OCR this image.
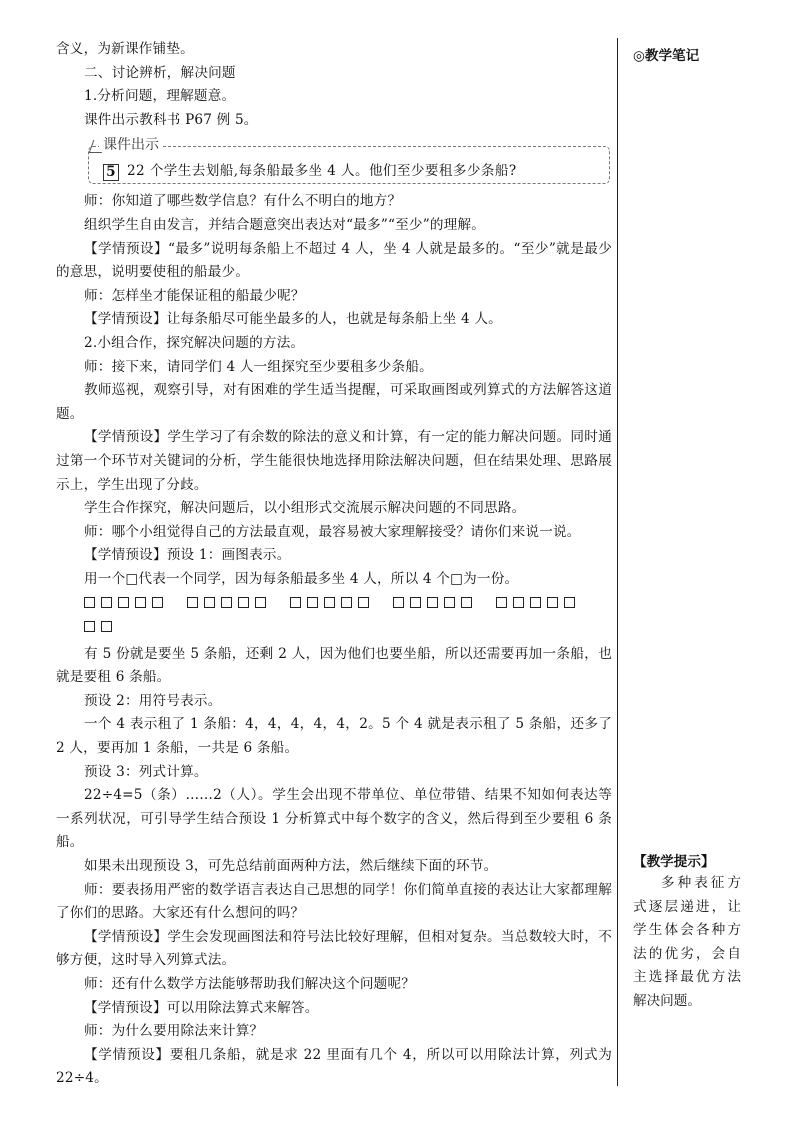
含义，为新课作铺垫。

二、讨论辨析，解决问题

1.分析问题，理解题意。

课件出示教科书 P67 例 5。

课件出示
5 22 个学生去划船,每条船最多坐 4 人。他们至少要租多少条船?

师：你知道了哪些数学信息？有什么不明白的地方？

组织学生自由发言，并结合题意突出表达对“最多”“至少”的理解。

【学情预设】“最多”说明每条船上不超过 4 人，坐 4 人就是最多的。“至少”就是最少的意思，说明要使租的船最少。

师：怎样坐才能保证租的船最少呢？

【学情预设】让每条船尽可能坐最多的人，也就是每条船上坐 4 人。

2.小组合作，探究解决问题的方法。

师：接下来，请同学们 4 人一组探究至少要租多少条船。

教师巡视，观察引导，对有困难的学生适当提醒，可采取画图或列算式的方法解答这道题。

【学情预设】学生学习了有余数的除法的意义和计算，有一定的能力解决问题。同时通过第一个环节对关键词的分析，学生能很快地选择用除法解决问题，但在结果处理、思路展示上，学生出现了分歧。

学生合作探究，解决问题后，以小组形式交流展示解决问题的不同思路。

师：哪个小组觉得自己的方法最直观，最容易被大家理解接受？请你们来说一说。

【学情预设】预设 1：画图表示。

用一个□代表一个同学，因为每条船最多坐 4 人，所以 4 个□为一份。

有 5 份就是要坐 5 条船，还剩 2 人，因为他们也要坐船，所以还需要再加一条船，也就是要租 6 条船。

预设 2：用符号表示。

一个 4 表示租了 1 条船：4，4，4，4，4，2。5 个 4 就是表示租了 5 条船，还多了 2 人，要再加 1 条船，一共是 6 条船。

预设 3：列式计算。

22÷4=5（条）……2（人）。学生会出现不带单位、单位带错、结果不知如何表达等一系列状况，可引导学生结合预设 1 分析算式中每个数字的含义，然后得到至少要租 6 条船。

如果未出现预设 3，可先总结前面两种方法，然后继续下面的环节。

师：要表扬用严密的数学语言表达自己思想的同学！你们简单直接的表达让大家都理解了你们的思路。大家还有什么想问的吗？

【学情预设】学生会发现画图法和符号法比较好理解，但相对复杂。当总数较大时，不够方便，这时导入列算式法。

师：还有什么数学方法能够帮助我们解决这个问题呢？

【学情预设】可以用除法算式来解答。

师：为什么要用除法来计算？

【学情预设】要租几条船，就是求 22 里面有几个 4，所以可以用除法计算，列式为 22÷4。

◎教学笔记
【教学提示】

多种表征方式逐层递进，让学生体会各种方法的优劣，会自主选择最优方法解决问题。
